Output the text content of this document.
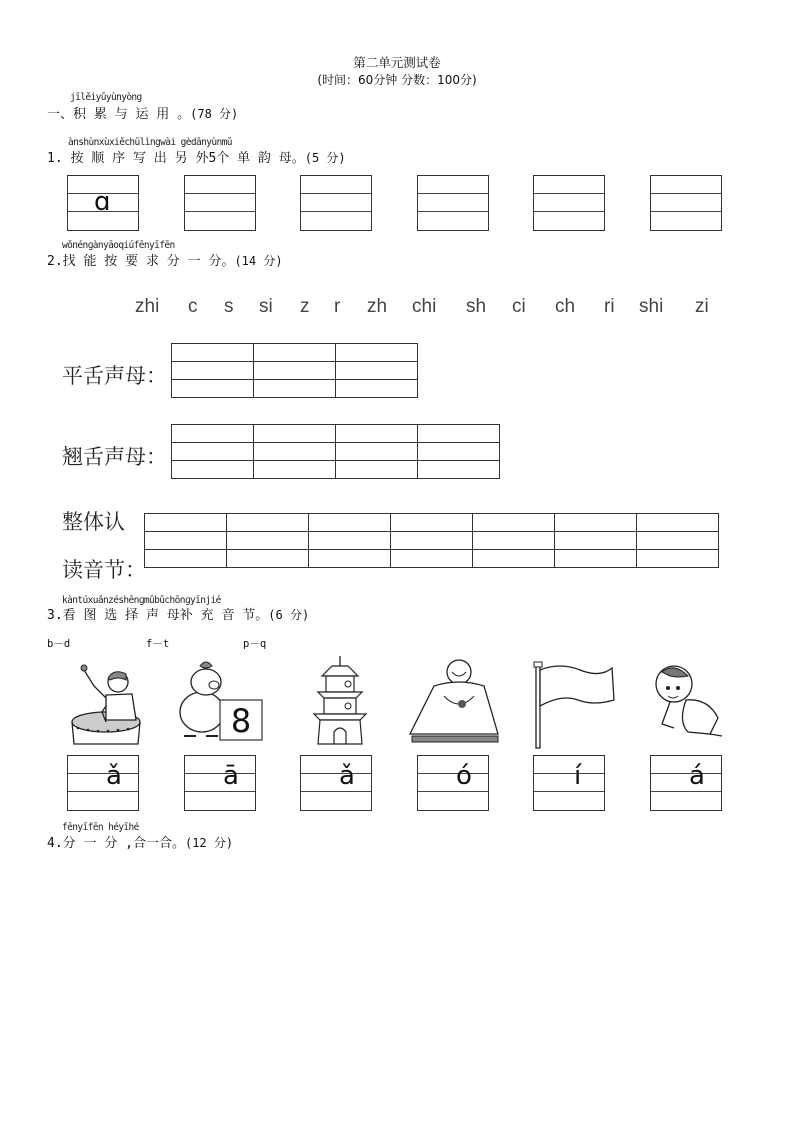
第二单元测试卷
(时间：60分钟 分数：100分)
jīlěiyǔyùnyòng
一、积 累 与 运 用 。(78 分)
ànshùnxùxiěchūlìngwài gèdānyùnmǔ
1. 按 顺 序 写 出 另 外5个 单 韵 母。(5 分)
ɑ
wǒnénɡànyāoqiúfēnyīfēn
2.找 能 按 要 求 分 一 分。(14 分)
zhi c s si z r zh chi sh ci ch ri shi zi
平舌声母：

翘舌声母：

整体认
读音节：

kàntúxuǎnzéshēnɡmǔbǔchōnɡyīnjié
3.看 图 选 择 声 母补 充 音 节。(6 分)
b－d	f－t	p－q
8
ǎ	ā	ǎ	ó	í	á
fēnyīfēn héyīhé
4.分 一 分 ,合一合。(12 分)
